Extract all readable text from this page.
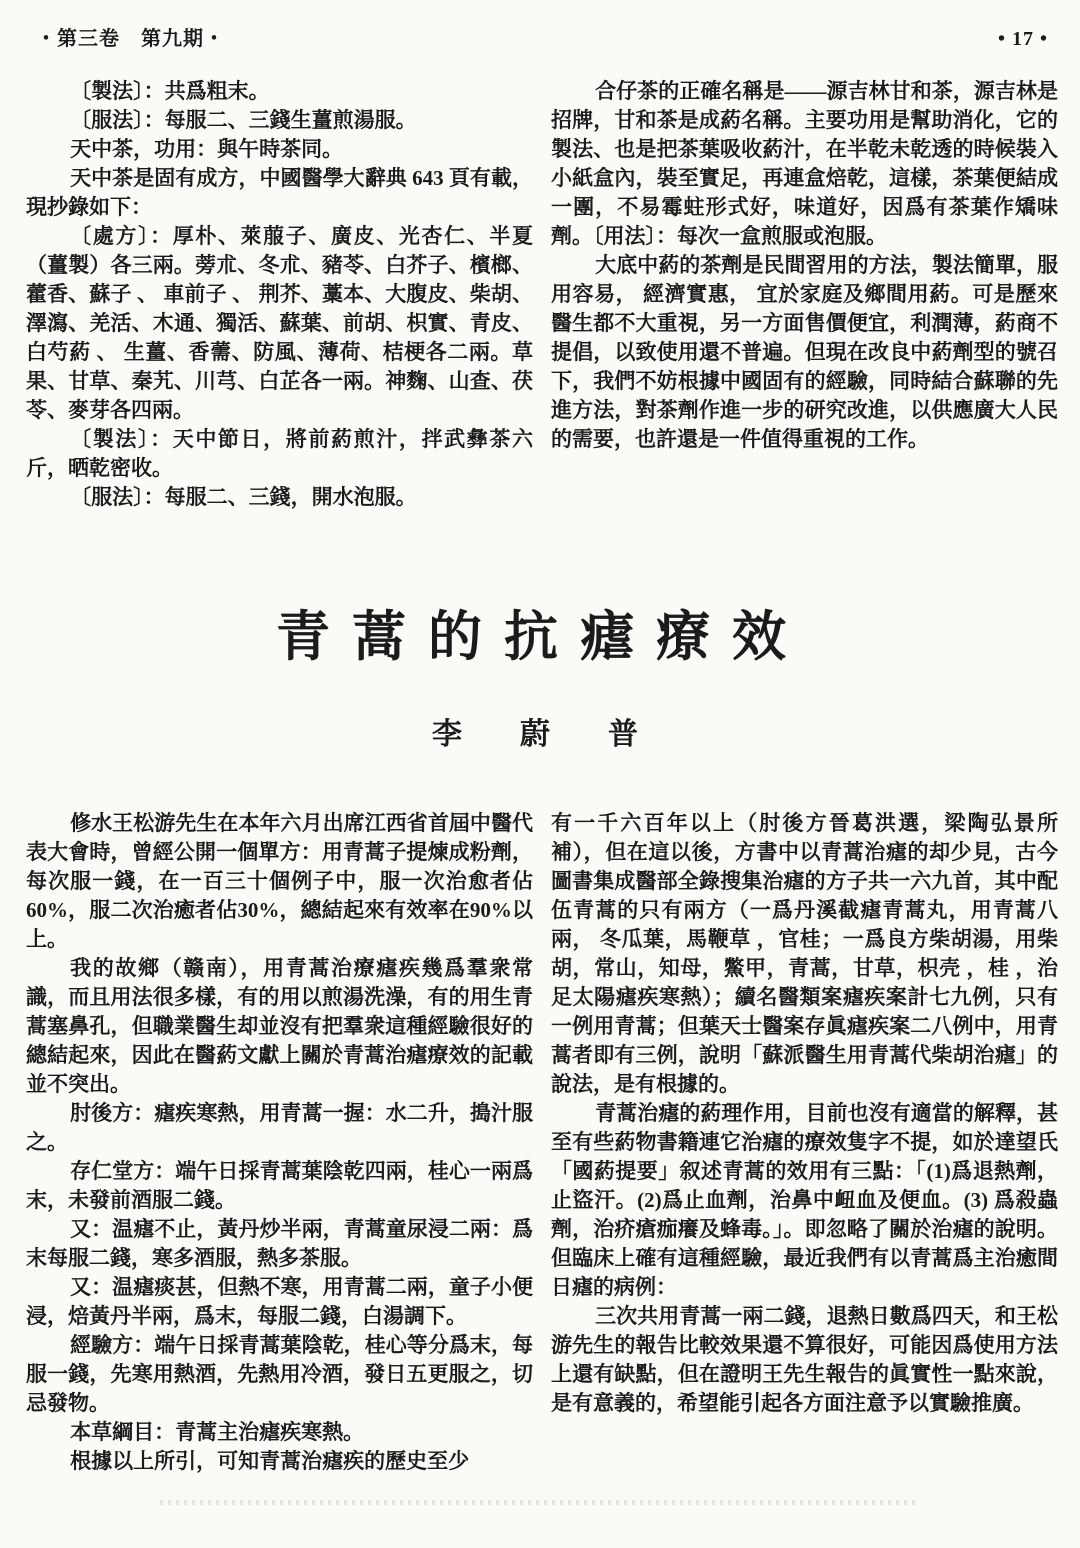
・第三卷　第九期・	• 17 •

〔製法〕：共爲粗末。

〔服法〕：每服二、三錢生薑煎湯服。

天中茶，功用：與午時茶同。

天中茶是固有成方，中國醫學大辭典 643 頁有載，現抄錄如下：

〔處方〕：厚朴、萊菔子、廣皮、光杏仁、半夏（薑製）各三兩。蒡朮、冬朮、豬苓、白芥子、檳榔、藿香、蘇子 、 車前子 、 荆芥、藁本、大腹皮、柴胡、澤瀉、羌活、木通、獨活、蘇葉、前胡、枳實、青皮、白芍葯 、 生薑、香薷、防風、薄荷、桔梗各二兩。草果、甘草、秦艽、川芎、白芷各一兩。神麴、山查、茯苓、麥芽各四兩。

〔製法〕：天中節日，將前葯煎汁，拌武彝茶六斤，晒乾密收。

〔服法〕：每服二、三錢，開水泡服。

合仔茶的正確名稱是——源吉林甘和茶，源吉林是招牌，甘和茶是成葯名稱。主要功用是幫助消化，它的製法、也是把茶葉吸收葯汁，在半乾未乾透的時候裝入小紙盒內，裝至實足，再連盒焙乾，這樣，茶葉便結成一團，不易霉蛀形式好，味道好，因爲有茶葉作矯味劑。〔用法〕：每次一盒煎服或泡服。

大底中葯的茶劑是民間習用的方法，製法簡單，服用容易， 經濟實惠， 宜於家庭及鄉間用葯。可是歷來醫生都不大重視，另一方面售價便宜，利潤薄，葯商不提倡，以致使用還不普遍。但現在改良中葯劑型的號召下，我們不妨根據中國固有的經驗，同時結合蘇聯的先進方法，對茶劑作進一步的研究改進，以供應廣大人民的需要，也許還是一件值得重視的工作。

青蒿的抗瘧療效
李　蔚　普

修水王松游先生在本年六月出席江西省首屆中醫代表大會時，曾經公開一個單方：用青蒿子提煉成粉劑，每次服一錢，在一百三十個例子中，服一次治愈者佔60%，服二次治癒者佔30%，總結起來有效率在90%以上。

我的故鄉（赣南），用青蒿治療瘧疾幾爲羣衆常識，而且用法很多樣，有的用以煎湯洗澡，有的用生青蒿塞鼻孔，但職業醫生却並沒有把羣衆這種經驗很好的總結起來，因此在醫葯文獻上關於青蒿治瘧療效的記載並不突出。

肘後方：瘧疾寒熱，用青蒿一握：水二升，搗汁服之。

存仁堂方：端午日採青蒿葉陰乾四兩，桂心一兩爲末，未發前酒服二錢。

又：温瘧不止，黃丹炒半兩，青蒿童尿浸二兩：爲末每服二錢，寒多酒服，熱多茶服。

又：温瘧痰甚，但熱不寒，用青蒿二兩，童子小便浸，焙黃丹半兩，爲末，每服二錢，白湯調下。

經驗方：端午日採青蒿葉陰乾，桂心等分爲末，每服一錢，先寒用熱酒，先熱用冷酒，發日五更服之，切忌發物。

本草綱目：青蒿主治瘧疾寒熱。

根據以上所引，可知青蒿治瘧疾的歷史至少

有一千六百年以上（肘後方晉葛洪選，梁陶弘景所補），但在這以後，方書中以青蒿治瘧的却少見，古今圖書集成醫部全錄搜集治瘧的方子共一六九首，其中配伍青蒿的只有兩方（一爲丹溪截瘧青蒿丸，用青蒿八兩， 冬瓜葉，馬鞭草 ，官桂；一爲良方柴胡湯，用柴胡，常山，知母，鱉甲，青蒿，甘草，枳壳 ，桂 ，治足太陽瘧疾寒熱）；續名醫類案瘧疾案計七九例，只有一例用青蒿；但葉天士醫案存眞瘧疾案二八例中，用青蒿者即有三例，說明「蘇派醫生用青蒿代柴胡治瘧」的說法，是有根據的。

青蒿治瘧的葯理作用，目前也沒有適當的解釋，甚至有些葯物書籍連它治瘧的療效隻字不提，如於達望氏「國葯提要」叙述青蒿的效用有三點：「(1)爲退熱劑，止盜汗。(2)爲止血劑，治鼻中衄血及便血。(3) 爲殺蟲劑，治疥瘡痂癢及蜂毒。」。即忽略了關於治瘧的說明。但臨床上確有這種經驗，最近我們有以青蒿爲主治癒間日瘧的病例：

三次共用青蒿一兩二錢，退熱日數爲四天，和王松游先生的報告比較效果還不算很好，可能因爲使用方法上還有缺點，但在證明王先生報告的眞實性一點來說，是有意義的，希望能引起各方面注意予以實驗推廣。
